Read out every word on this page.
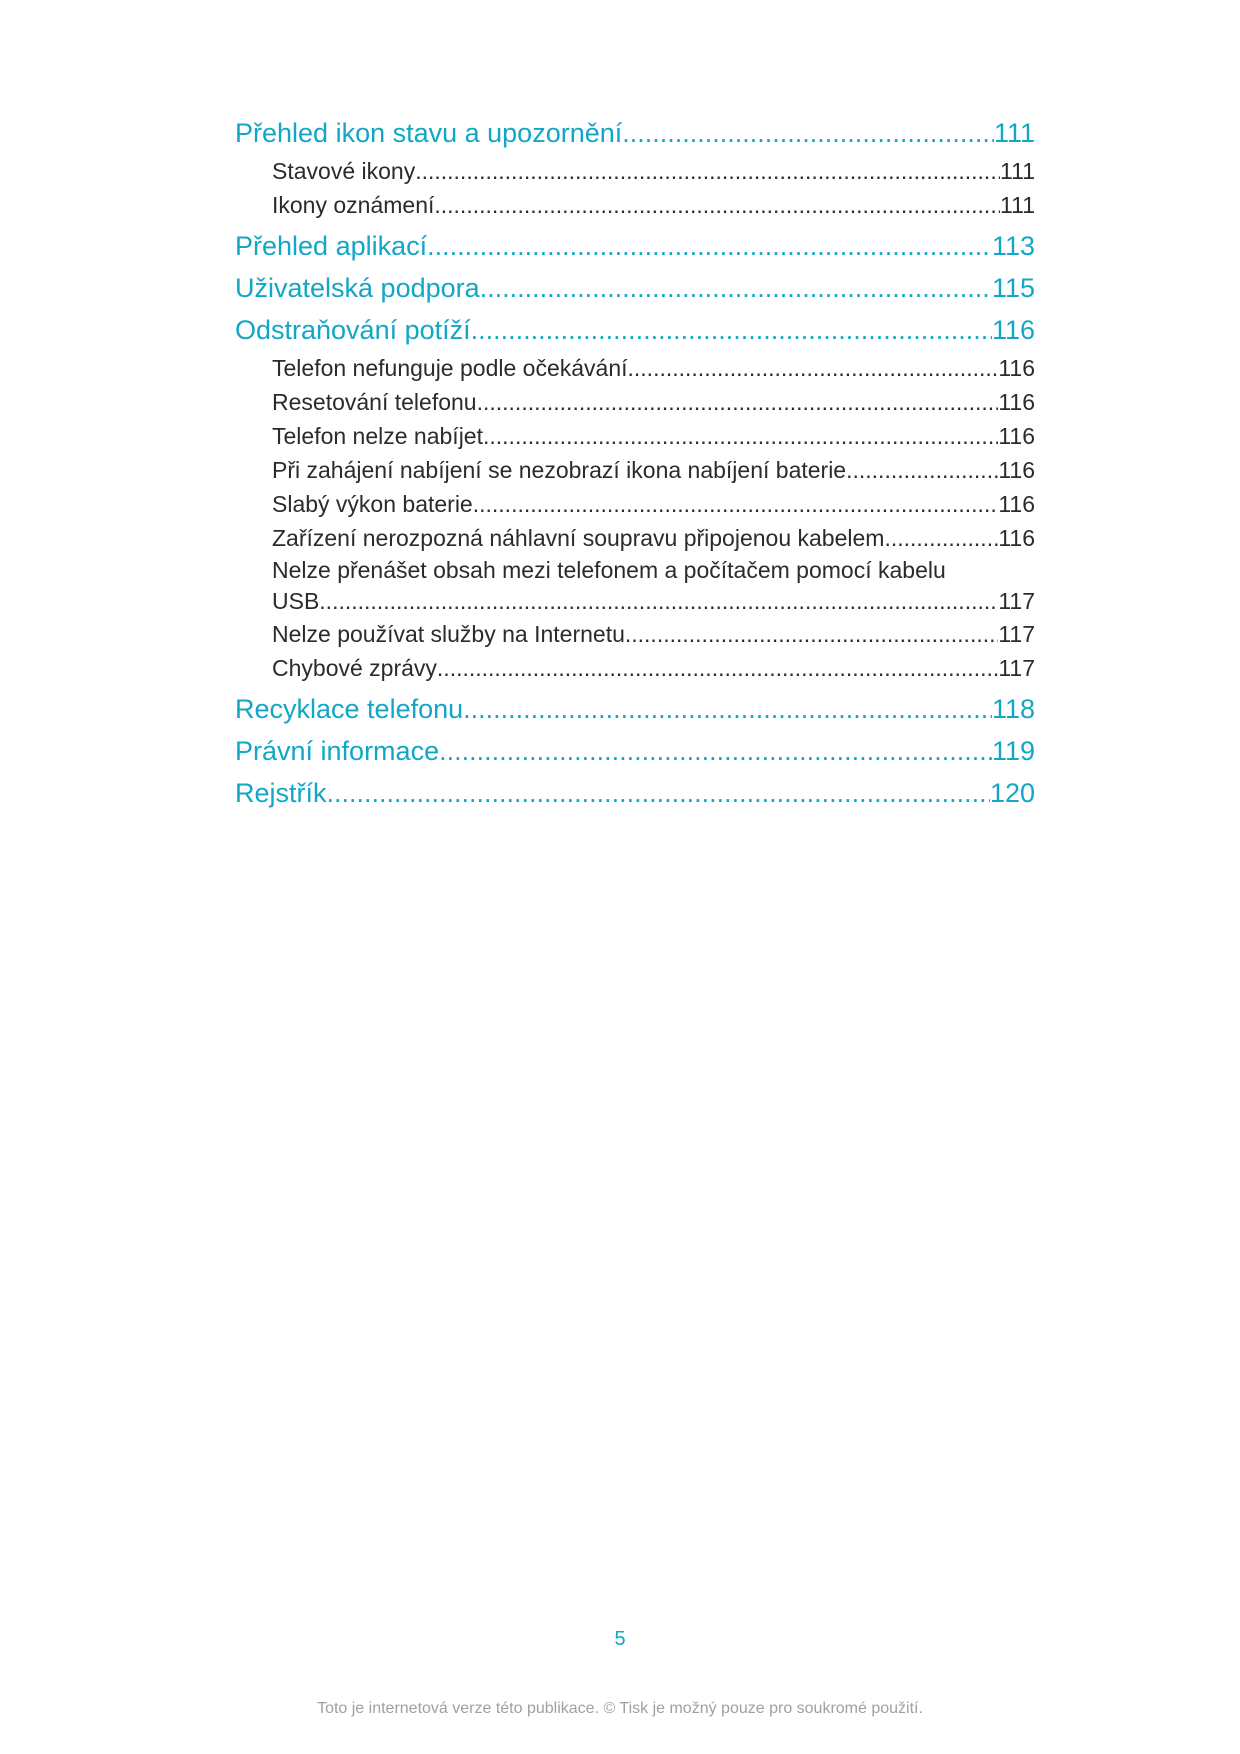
Přehled ikon stavu a upozornění .....	111
Stavové ikony .....	111
Ikony oznámení .....	111
Přehled aplikací .....	113
Uživatelská podpora .....	115
Odstraňování potíží .....	116
Telefon nefunguje podle očekávání .....	116
Resetování telefonu .....	116
Telefon nelze nabíjet .....	116
Při zahájení nabíjení se nezobrazí ikona nabíjení baterie .....	116
Slabý výkon baterie .....	116
Zařízení nerozpozná náhlavní soupravu připojenou kabelem .....	116
Nelze přenášet obsah mezi telefonem a počítačem pomocí kabelu
USB .....	117
Nelze používat služby na Internetu .....	117
Chybové zprávy .....	117
Recyklace telefonu .....	118
Právní informace .....	119
Rejstřík .....	120
5
Toto je internetová verze této publikace. © Tisk je možný pouze pro soukromé použití.
